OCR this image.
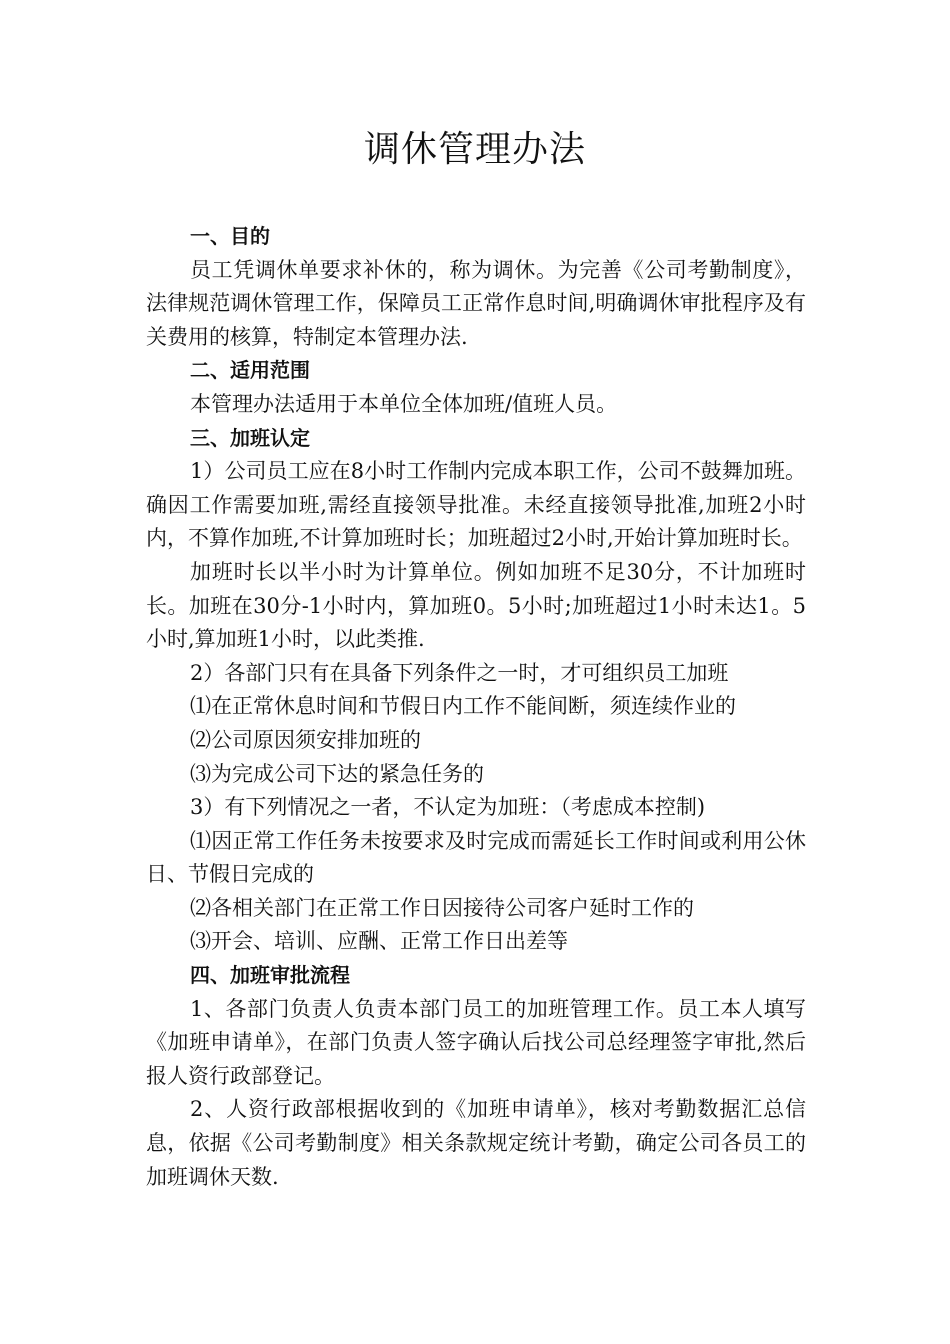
调休管理办法

一、目的

员工凭调休单要求补休的，称为调休。为完善《公司考勤制度》，法律规范调休管理工作，保障员工正常作息时间,明确调休审批程序及有关费用的核算，特制定本管理办法.

二、适用范围

本管理办法适用于本单位全体加班/值班人员。

三、加班认定

1）公司员工应在8小时工作制内完成本职工作，公司不鼓舞加班。确因工作需要加班,需经直接领导批准。未经直接领导批准,加班2小时内，不算作加班,不计算加班时长；加班超过2小时,开始计算加班时长。

加班时长以半小时为计算单位。例如加班不足30分，不计加班时长。加班在30分-1小时内，算加班0。5小时;加班超过1小时未达1。5小时,算加班1小时，以此类推.

2）各部门只有在具备下列条件之一时，才可组织员工加班

⑴在正常休息时间和节假日内工作不能间断，须连续作业的

⑵公司原因须安排加班的

⑶为完成公司下达的紧急任务的

3）有下列情况之一者，不认定为加班：（考虑成本控制)

⑴因正常工作任务未按要求及时完成而需延长工作时间或利用公休日、节假日完成的

⑵各相关部门在正常工作日因接待公司客户延时工作的

⑶开会、培训、应酬、正常工作日出差等

四、加班审批流程

1、各部门负责人负责本部门员工的加班管理工作。员工本人填写《加班申请单》，在部门负责人签字确认后找公司总经理签字审批,然后报人资行政部登记。

2、人资行政部根据收到的《加班申请单》，核对考勤数据汇总信息，依据《公司考勤制度》相关条款规定统计考勤，确定公司各员工的加班调休天数.
